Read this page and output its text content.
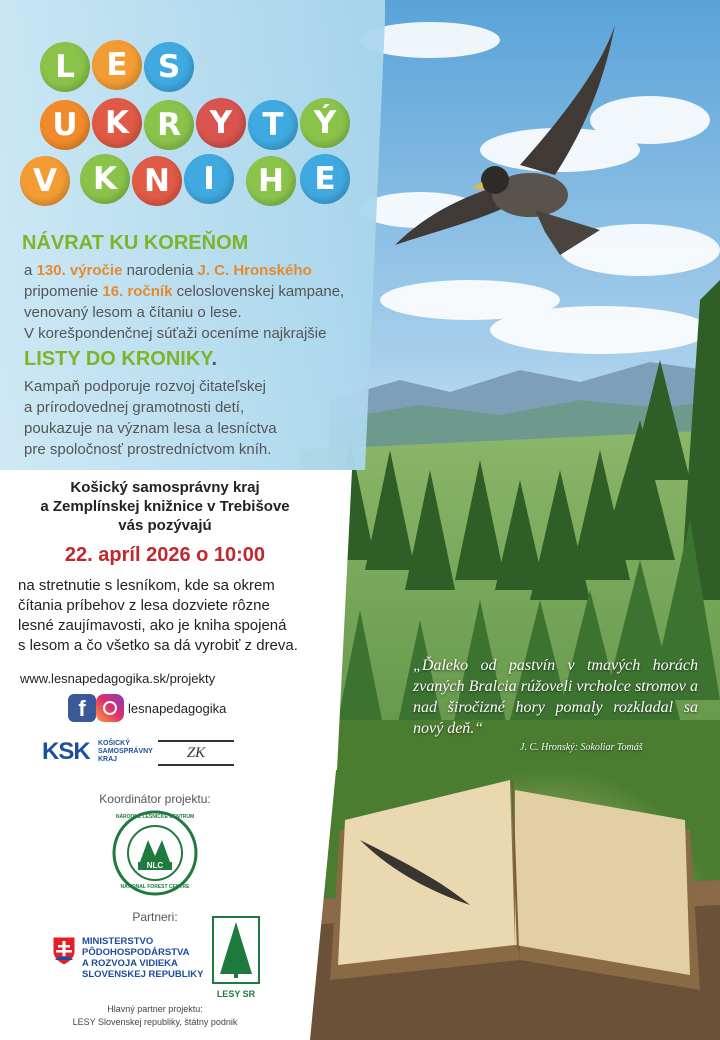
L	E S
U K R Y T Ý
V	K N	I	H E
NÁVRAT KU KOREŇOM
a 130. výročie narodenia J. C. Hronského
pripomenie 16. ročník celoslovenskej kampane,
venovaný lesom a čítaniu o lese.
V korešpondenčnej súťaži oceníme najkrajšie
LISTY DO KRONIKY.
Kampaň podporuje rozvoj čitateľskej
a prírodovednej gramotnosti detí,
poukazuje na význam lesa a lesníctva
pre spoločnosť prostredníctvom kníh.
Košický samosprávny kraj
a Zemplínskej knižnice v Trebišove
vás pozývajú
22. apríl 2026 o 10:00
na stretnutie s lesníkom, kde sa okrem
čítania príbehov z lesa dozviete rôzne
lesné zaujímavosti, ako je kniha spojená
s lesom a čo všetko sa dá vyrobiť z dreva.
www.lesnapedagogika.sk/projekty
f	lesnapedagogika
KSK KOŠICKÝ
SAMOSPRÁVNY
KRAJ	ZK
Koordinátor projektu:
NLC
NÁRODNÉ LESNÍCKE CENTRUM
NATIONAL FOREST CENTRE
Partneri:
MINISTERSTVO
PÔDOHOSPODÁRSTVA
A ROZVOJA VIDIEKA
SLOVENSKEJ REPUBLIKY
LESY SR
Hlavný partner projektu:
LESY Slovenskej republiky, štátny podnik
„Ďaleko od pastvín v tmavých horách zvaných Bralcia rúžoveli vrcholce stromov a nad širočizné hory pomaly rozkladal sa nový deň.“
J. C. Hronský: Sokoliar Tomáš
